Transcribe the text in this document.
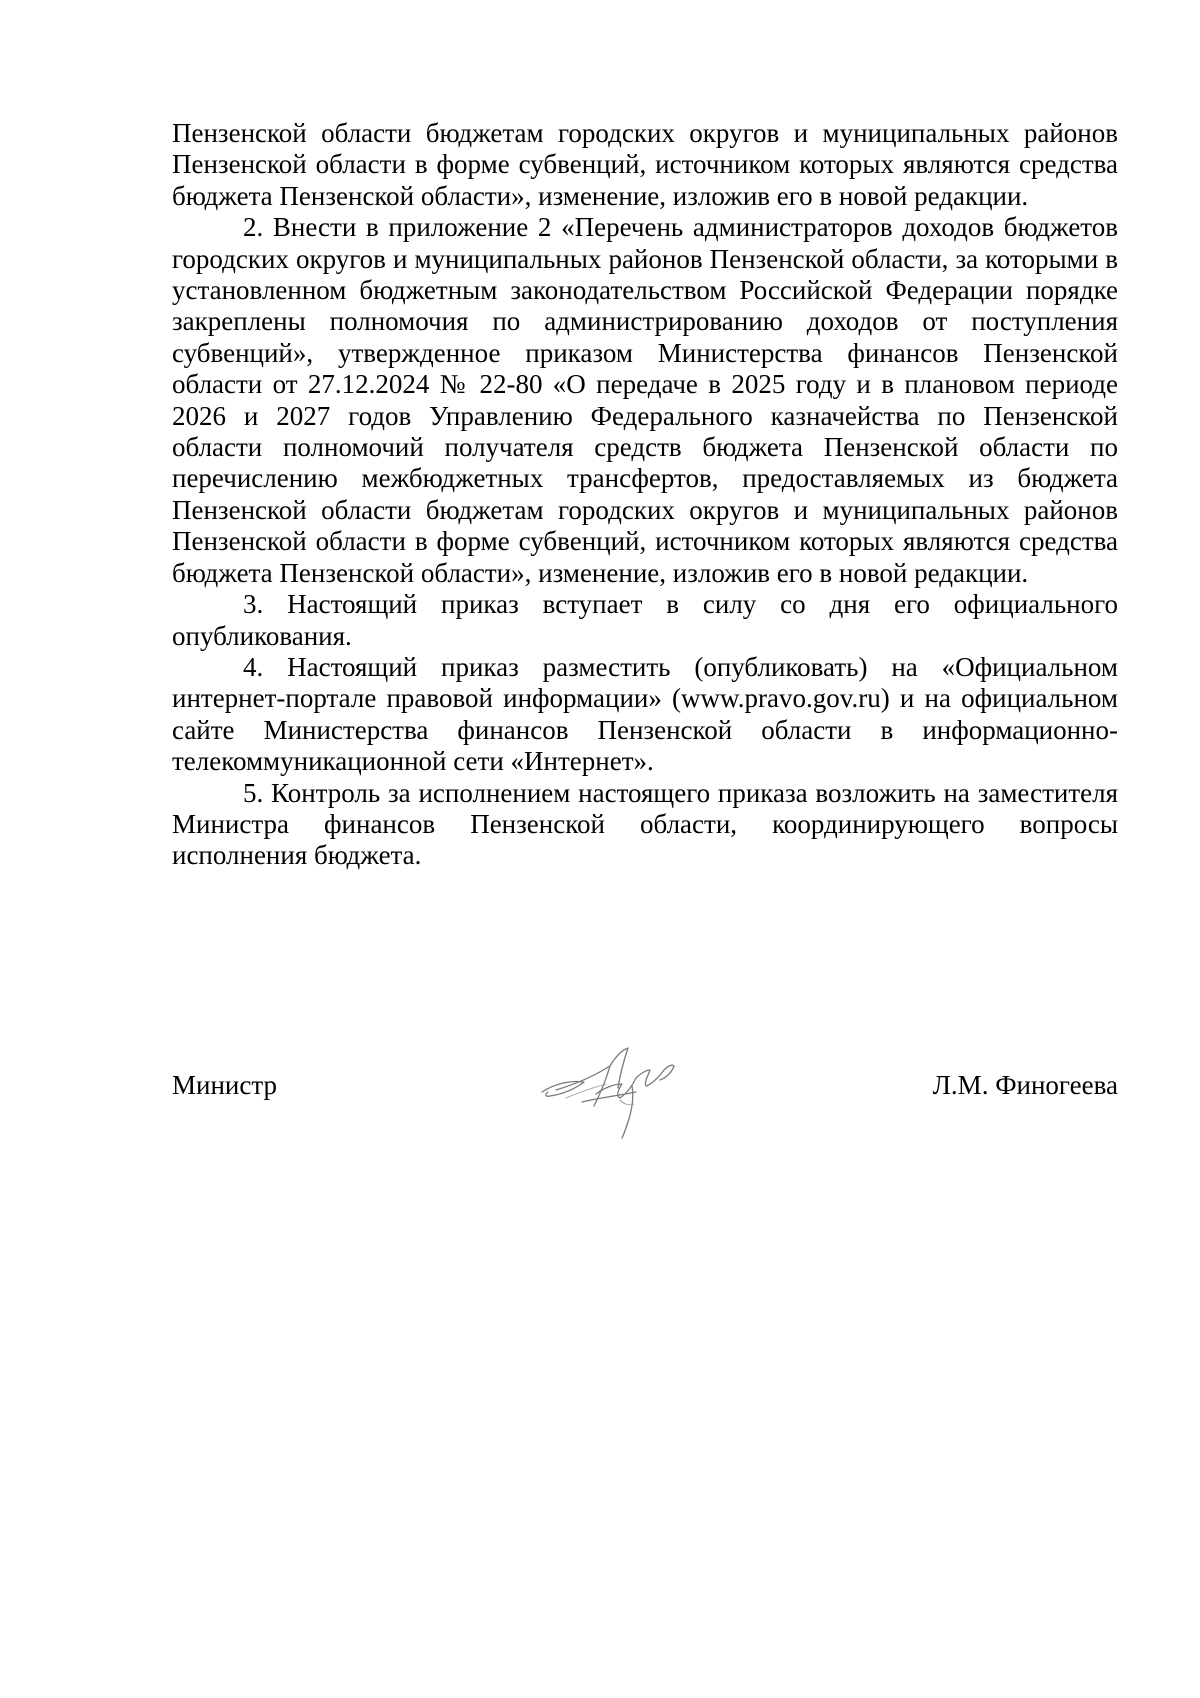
Пензенской области бюджетам городских округов и муниципальных районов Пензенской области в форме субвенций, источником которых являются средства бюджета Пензенской области», изменение, изложив его в новой редакции.

2. Внести в приложение 2 «Перечень администраторов доходов бюджетов городских округов и муниципальных районов Пензенской области, за которыми в установленном бюджетным законодательством Российской Федерации порядке закреплены полномочия по администрированию доходов от поступления субвенций», утвержденное приказом Министерства финансов Пензенской области от 27.12.2024 № 22-80 «О передаче в 2025 году и в плановом периоде 2026 и 2027 годов Управлению Федерального казначейства по Пензенской области полномочий получателя средств бюджета Пензенской области по перечислению межбюджетных трансфертов, предоставляемых из бюджета Пензенской области бюджетам городских округов и муниципальных районов Пензенской области в форме субвенций, источником которых являются средства бюджета Пензенской области», изменение, изложив его в новой редакции.

3. Настоящий приказ вступает в силу со дня его официального опубликования.

4. Настоящий приказ разместить (опубликовать) на «Официальном интернет-портале правовой информации» (www.pravo.gov.ru) и на официальном сайте Министерства финансов Пензенской области в информационно-телекоммуникационной сети «Интернет».

5. Контроль за исполнением настоящего приказа возложить на заместителя Министра финансов Пензенской области, координирующего вопросы исполнения бюджета.

Министр	Л.М. Финогеева
